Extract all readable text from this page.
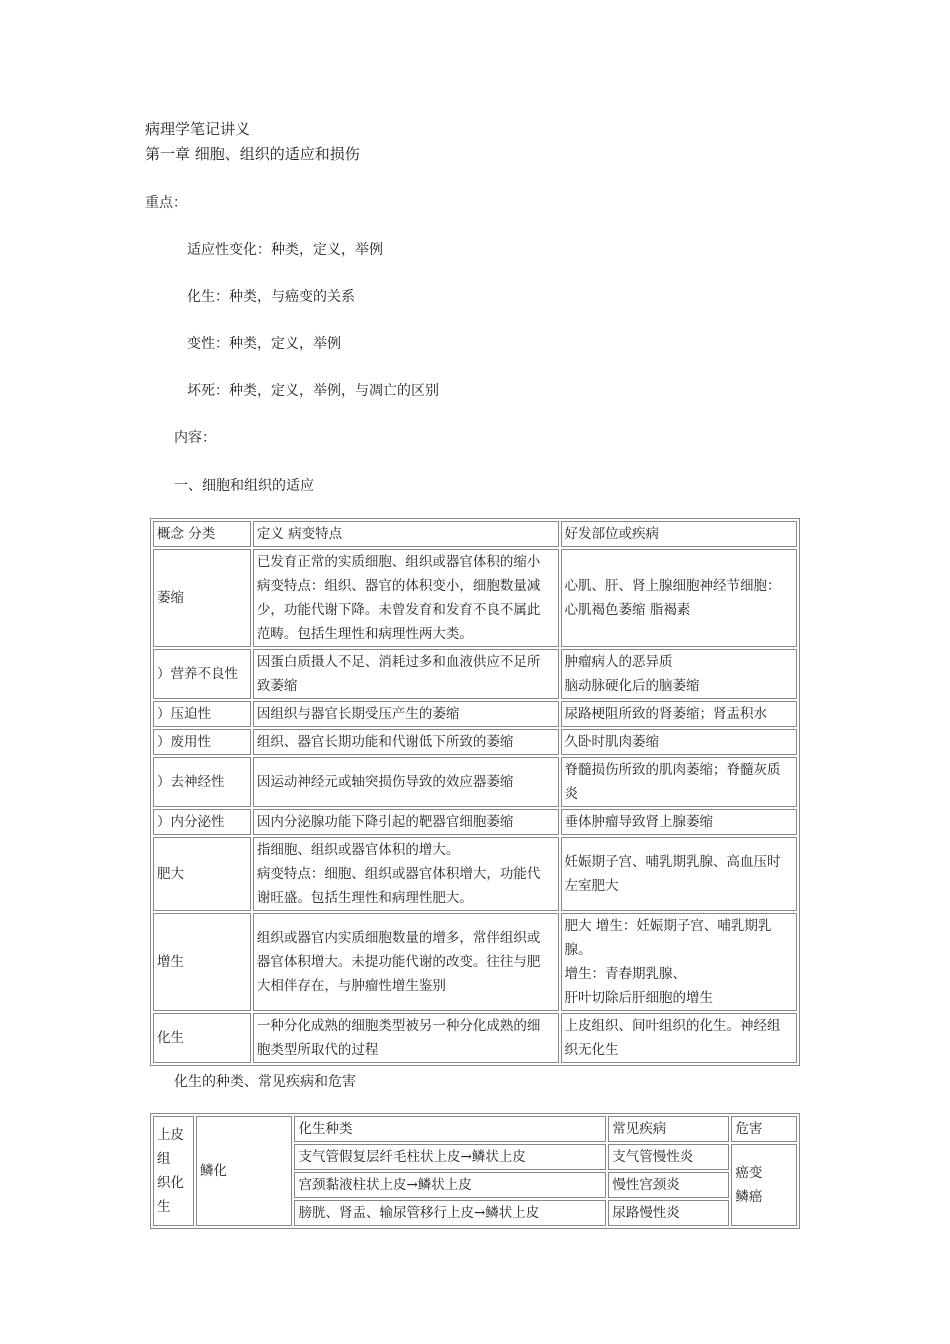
病理学笔记讲义
第一章 细胞、组织的适应和损伤
重点：
适应性变化：种类，定义，举例
化生：种类，与癌变的关系
变性：种类，定义，举例
坏死：种类，定义，举例，与凋亡的区别
内容：
一、细胞和组织的适应
概念 分类	定义 病变特点	好发部位或疾病
萎缩	已发育正常的实质细胞、组织或器官体积的缩小
病变特点：组织、器官的体积变小，细胞数量减
少，功能代谢下降。未曾发育和发育不良不属此
范畴。包括生理性和病理性两大类。	心肌、肝、肾上腺细胞神经节细胞：
心肌褐色萎缩 脂褐素

）营养不良性	因蛋白质摄人不足、消耗过多和血液供应不足所
致萎缩	肿瘤病人的恶异质
脑动脉硬化后的脑萎缩

）压迫性	因组织与器官长期受压产生的萎缩	尿路梗阻所致的肾萎缩；肾盂积水

）废用性	组织、器官长期功能和代谢低下所致的萎缩	久卧时肌肉萎缩

）去神经性	因运动神经元或轴突损伤导致的效应器萎缩	脊髓损伤所致的肌肉萎缩；脊髓灰质
炎

）内分泌性	因内分泌腺功能下降引起的靶器官细胞萎缩	垂体肿瘤导致肾上腺萎缩

肥大	指细胞、组织或器官体积的增大。
病变特点：细胞、组织或器官体积增大，功能代
谢旺盛。包括生理性和病理性肥大。	妊娠期子宫、哺乳期乳腺、高血压时
左室肥大

增生	组织或器官内实质细胞数量的增多，常伴组织或
器官体积增大。未提功能代谢的改变。往往与肥
大相伴存在，与肿瘤性增生鉴别	肥大 增生：妊娠期子宫、哺乳期乳腺。
增生：青春期乳腺、
肝叶切除后肝细胞的增生

化生	一种分化成熟的细胞类型被另一种分化成熟的细
胞类型所取代的过程	上皮组织、间叶组织的化生。神经组
织无化生
化生的种类、常见疾病和危害
上皮组
织化生	鳞化	化生种类	常见疾病	危害
		支气管假复层纤毛柱状上皮→鳞状上皮	支气管慢性炎	癌变
鳞癌

		宫颈黏液柱状上皮→鳞状上皮	慢性宫颈炎	
		膀胱、肾盂、输尿管移行上皮→鳞状上皮	尿路慢性炎	
